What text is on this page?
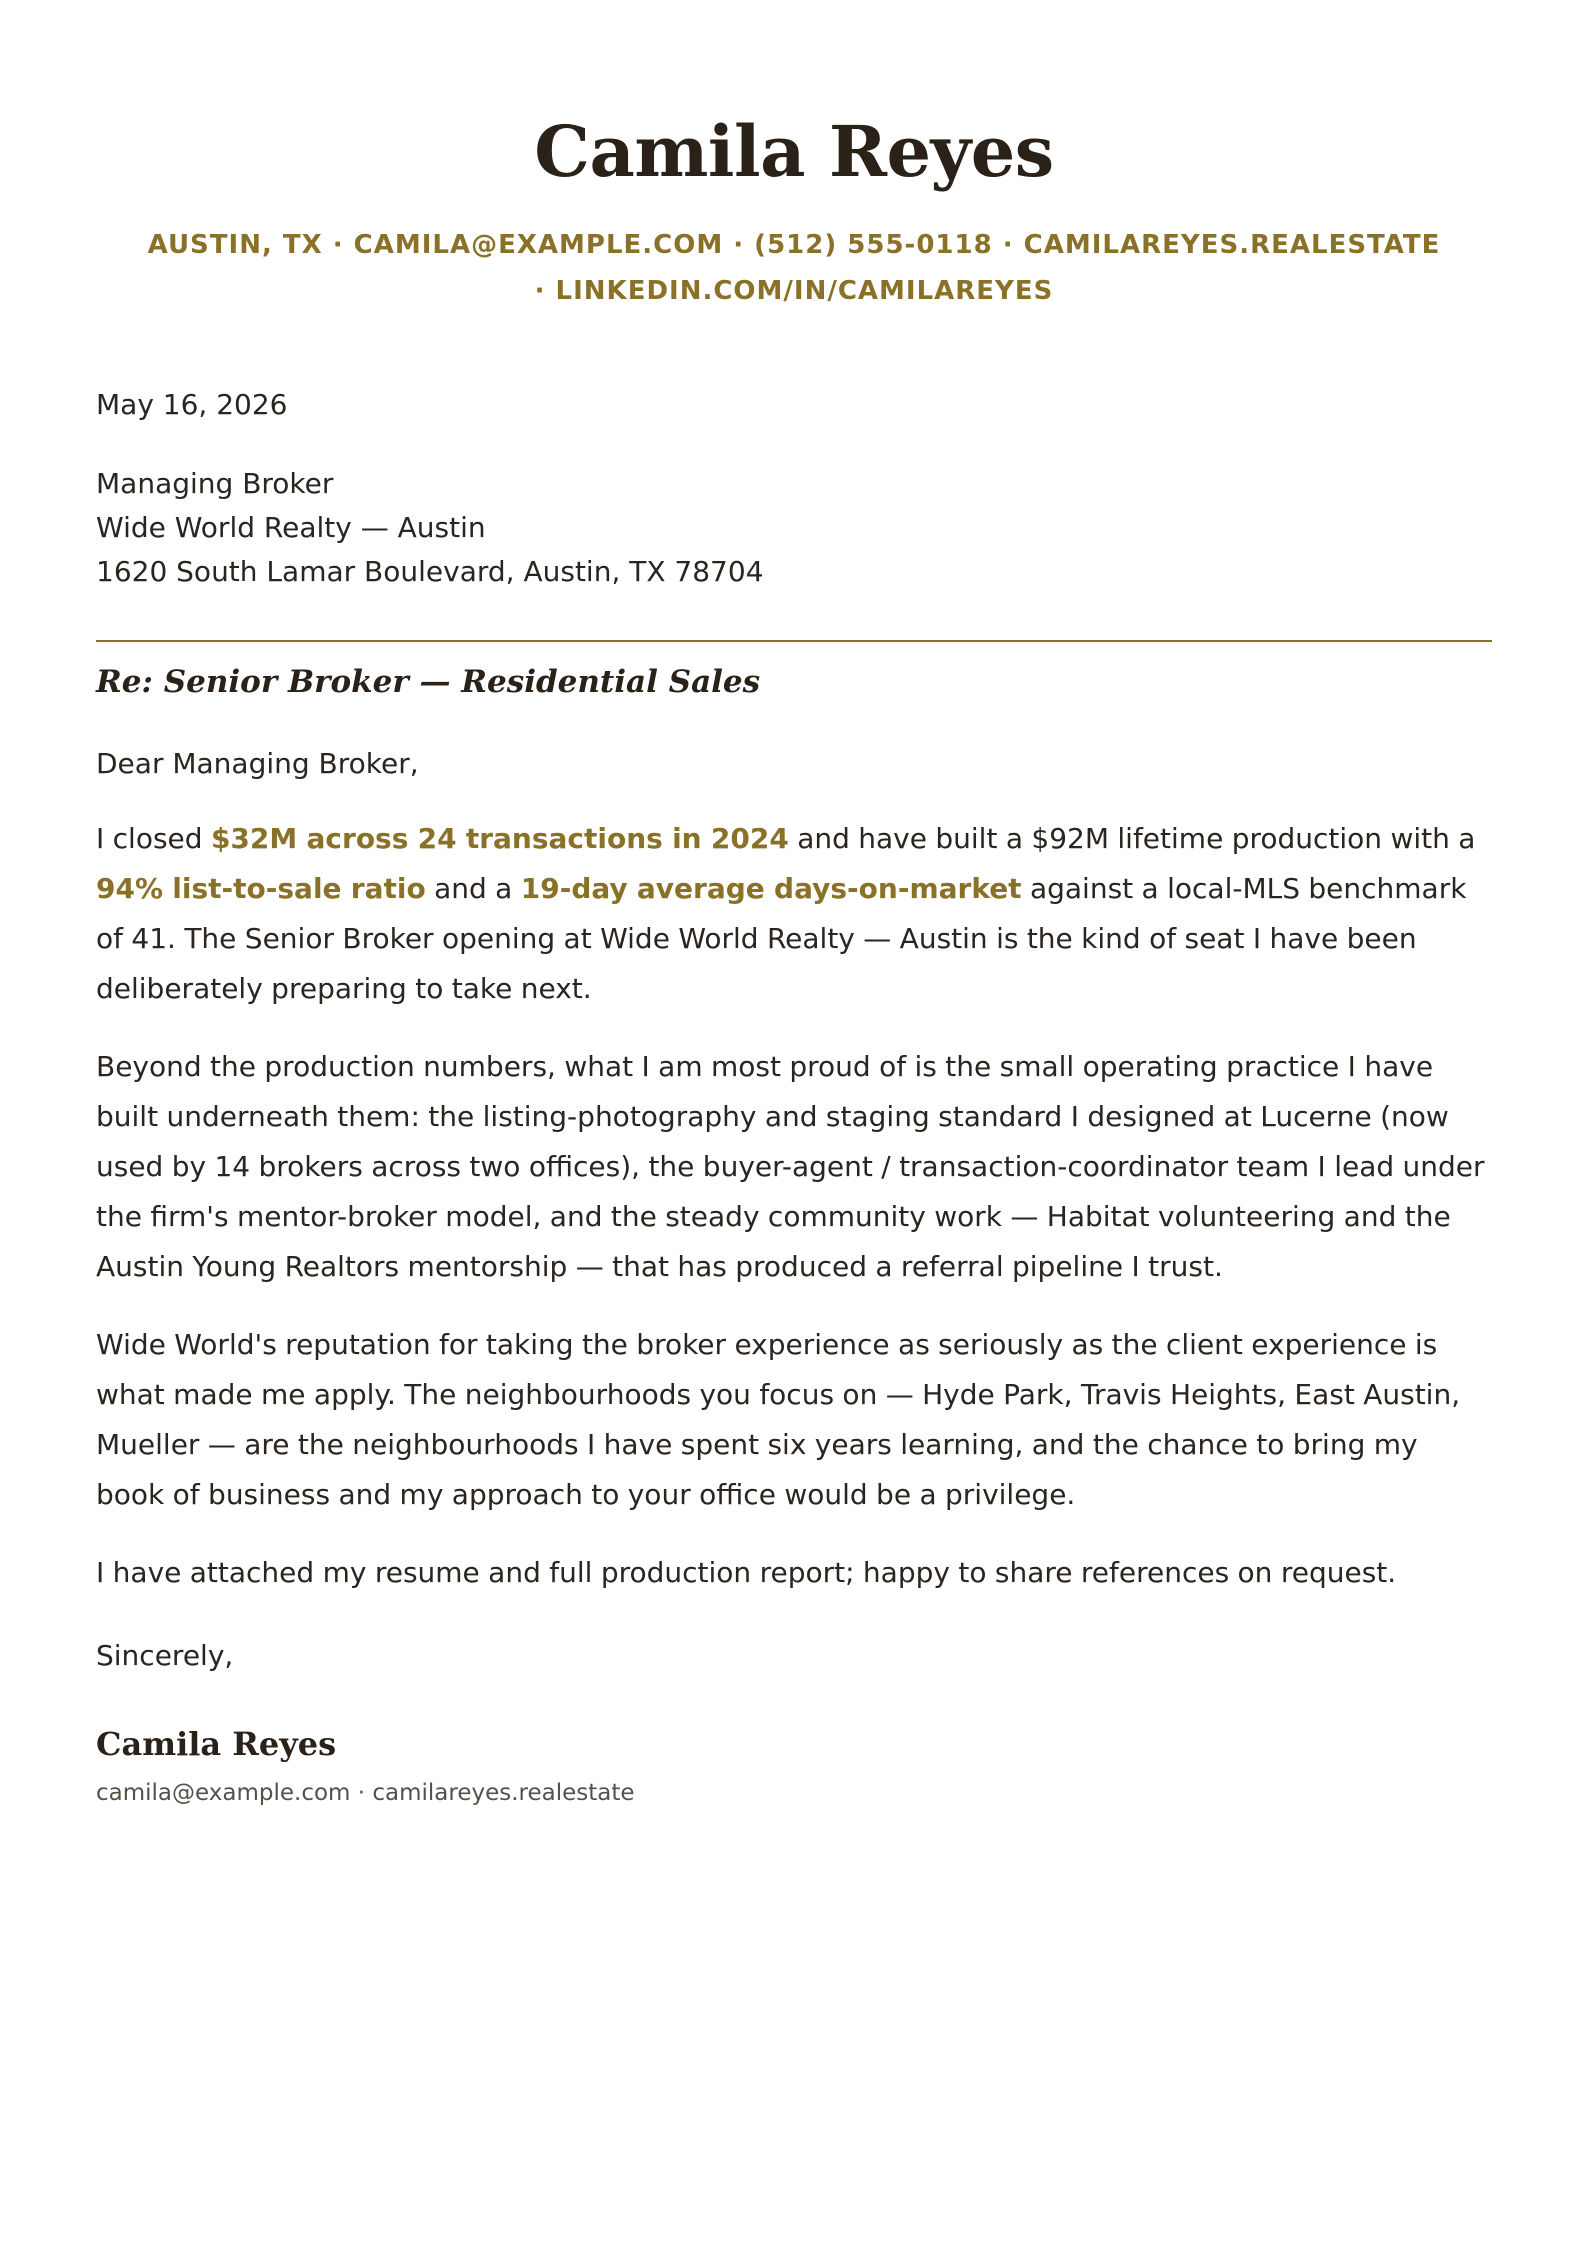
Camila Reyes
AUSTIN, TX · CAMILA@EXAMPLE.COM · (512) 555-0118 · CAMILAREYES.REALESTATE · LINKEDIN.COM/IN/CAMILAREYES
May 16, 2026
Managing Broker
Wide World Realty — Austin
1620 South Lamar Boulevard, Austin, TX 78704
Re: Senior Broker — Residential Sales
Dear Managing Broker,

I closed $32M across 24 transactions in 2024 and have built a $92M lifetime production with a 94% list-to-sale ratio and a 19-day average days-on-market against a local-MLS benchmark of 41. The Senior Broker opening at Wide World Realty — Austin is the kind of seat I have been deliberately preparing to take next.

Beyond the production numbers, what I am most proud of is the small operating practice I have built underneath them: the listing-photography and staging standard I designed at Lucerne (now used by 14 brokers across two offices), the buyer-agent / transaction-coordinator team I lead under the firm's mentor-broker model, and the steady community work — Habitat volunteering and the Austin Young Realtors mentorship — that has produced a referral pipeline I trust.

Wide World's reputation for taking the broker experience as seriously as the client experience is what made me apply. The neighbourhoods you focus on — Hyde Park, Travis Heights, East Austin, Mueller — are the neighbourhoods I have spent six years learning, and the chance to bring my book of business and my approach to your office would be a privilege.

I have attached my resume and full production report; happy to share references on request.

Sincerely,
Camila Reyes
camila@example.com · camilareyes.realestate
